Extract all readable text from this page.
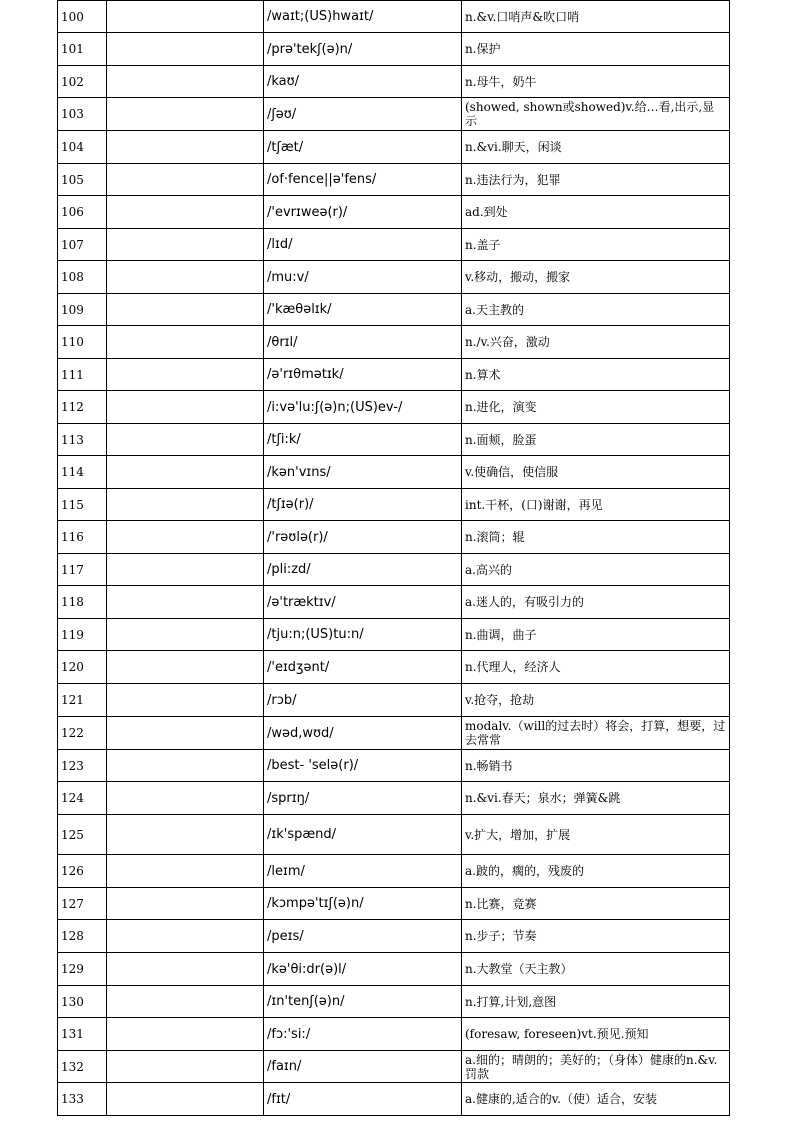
100		/waɪt;(US)hwaɪt/	n.&v.口哨声&吹口哨
101		/prə'tekʃ(ə)n/	n.保护
102		/kaʊ/	n.母牛，奶牛
103		/ʃəʊ/	(showed, shown或showed)v.给…看,出示,显示
104		/tʃæt/	n.&vi.聊天，闲谈
105		/of·fence||ə'fens/	n.违法行为，犯罪
106		/'evrɪweə(r)/	ad.到处
107		/lɪd/	n.盖子
108		/mu:v/	v.移动，搬动，搬家
109		/'kæθəlɪk/	a.天主教的
110		/θrɪl/	n./v.兴奋，激动
111		/ə'rɪθmətɪk/	n.算术
112		/i:və'lu:ʃ(ə)n;(US)ev-/	n.进化，演变
113		/tʃi:k/	n.面颊，脸蛋
114		/kən'vɪns/	v.使确信，使信服
115		/tʃɪə(r)/	int.干杯，(口)谢谢，再见
116		/'rəʊlə(r)/	n.滚筒；辊
117		/pli:zd/	a.高兴的
118		/ə'træktɪv/	a.迷人的，有吸引力的
119		/tju:n;(US)tu:n/	n.曲调，曲子
120		/'eɪdʒənt/	n.代理人，经济人
121		/rɔb/	v.抢夺，抢劫
122		/wəd,wʊd/	modalv.（will的过去时）将会，打算，想要，过去常常
123		/best- 'selə(r)/	n.畅销书
124		/sprɪŋ/	n.&vi.春天；泉水；弹簧&跳
125		/ɪk'spænd/	v.扩大，增加，扩展
126		/leɪm/	a.跛的，瘸的，残废的
127		/kɔmpə'tɪʃ(ə)n/	n.比赛，竞赛
128		/peɪs/	n.步子；节奏
129		/kə'θi:dr(ə)l/	n.大教堂（天主教）
130		/ɪn'tenʃ(ə)n/	n.打算,计划,意图
131		/fɔ:'si:/	(foresaw, foreseen)vt.预见.预知
132		/faɪn/	a.细的；晴朗的；美好的；（身体）健康的n.&v.罚款
133		/fɪt/	a.健康的,适合的v.（使）适合，安装
